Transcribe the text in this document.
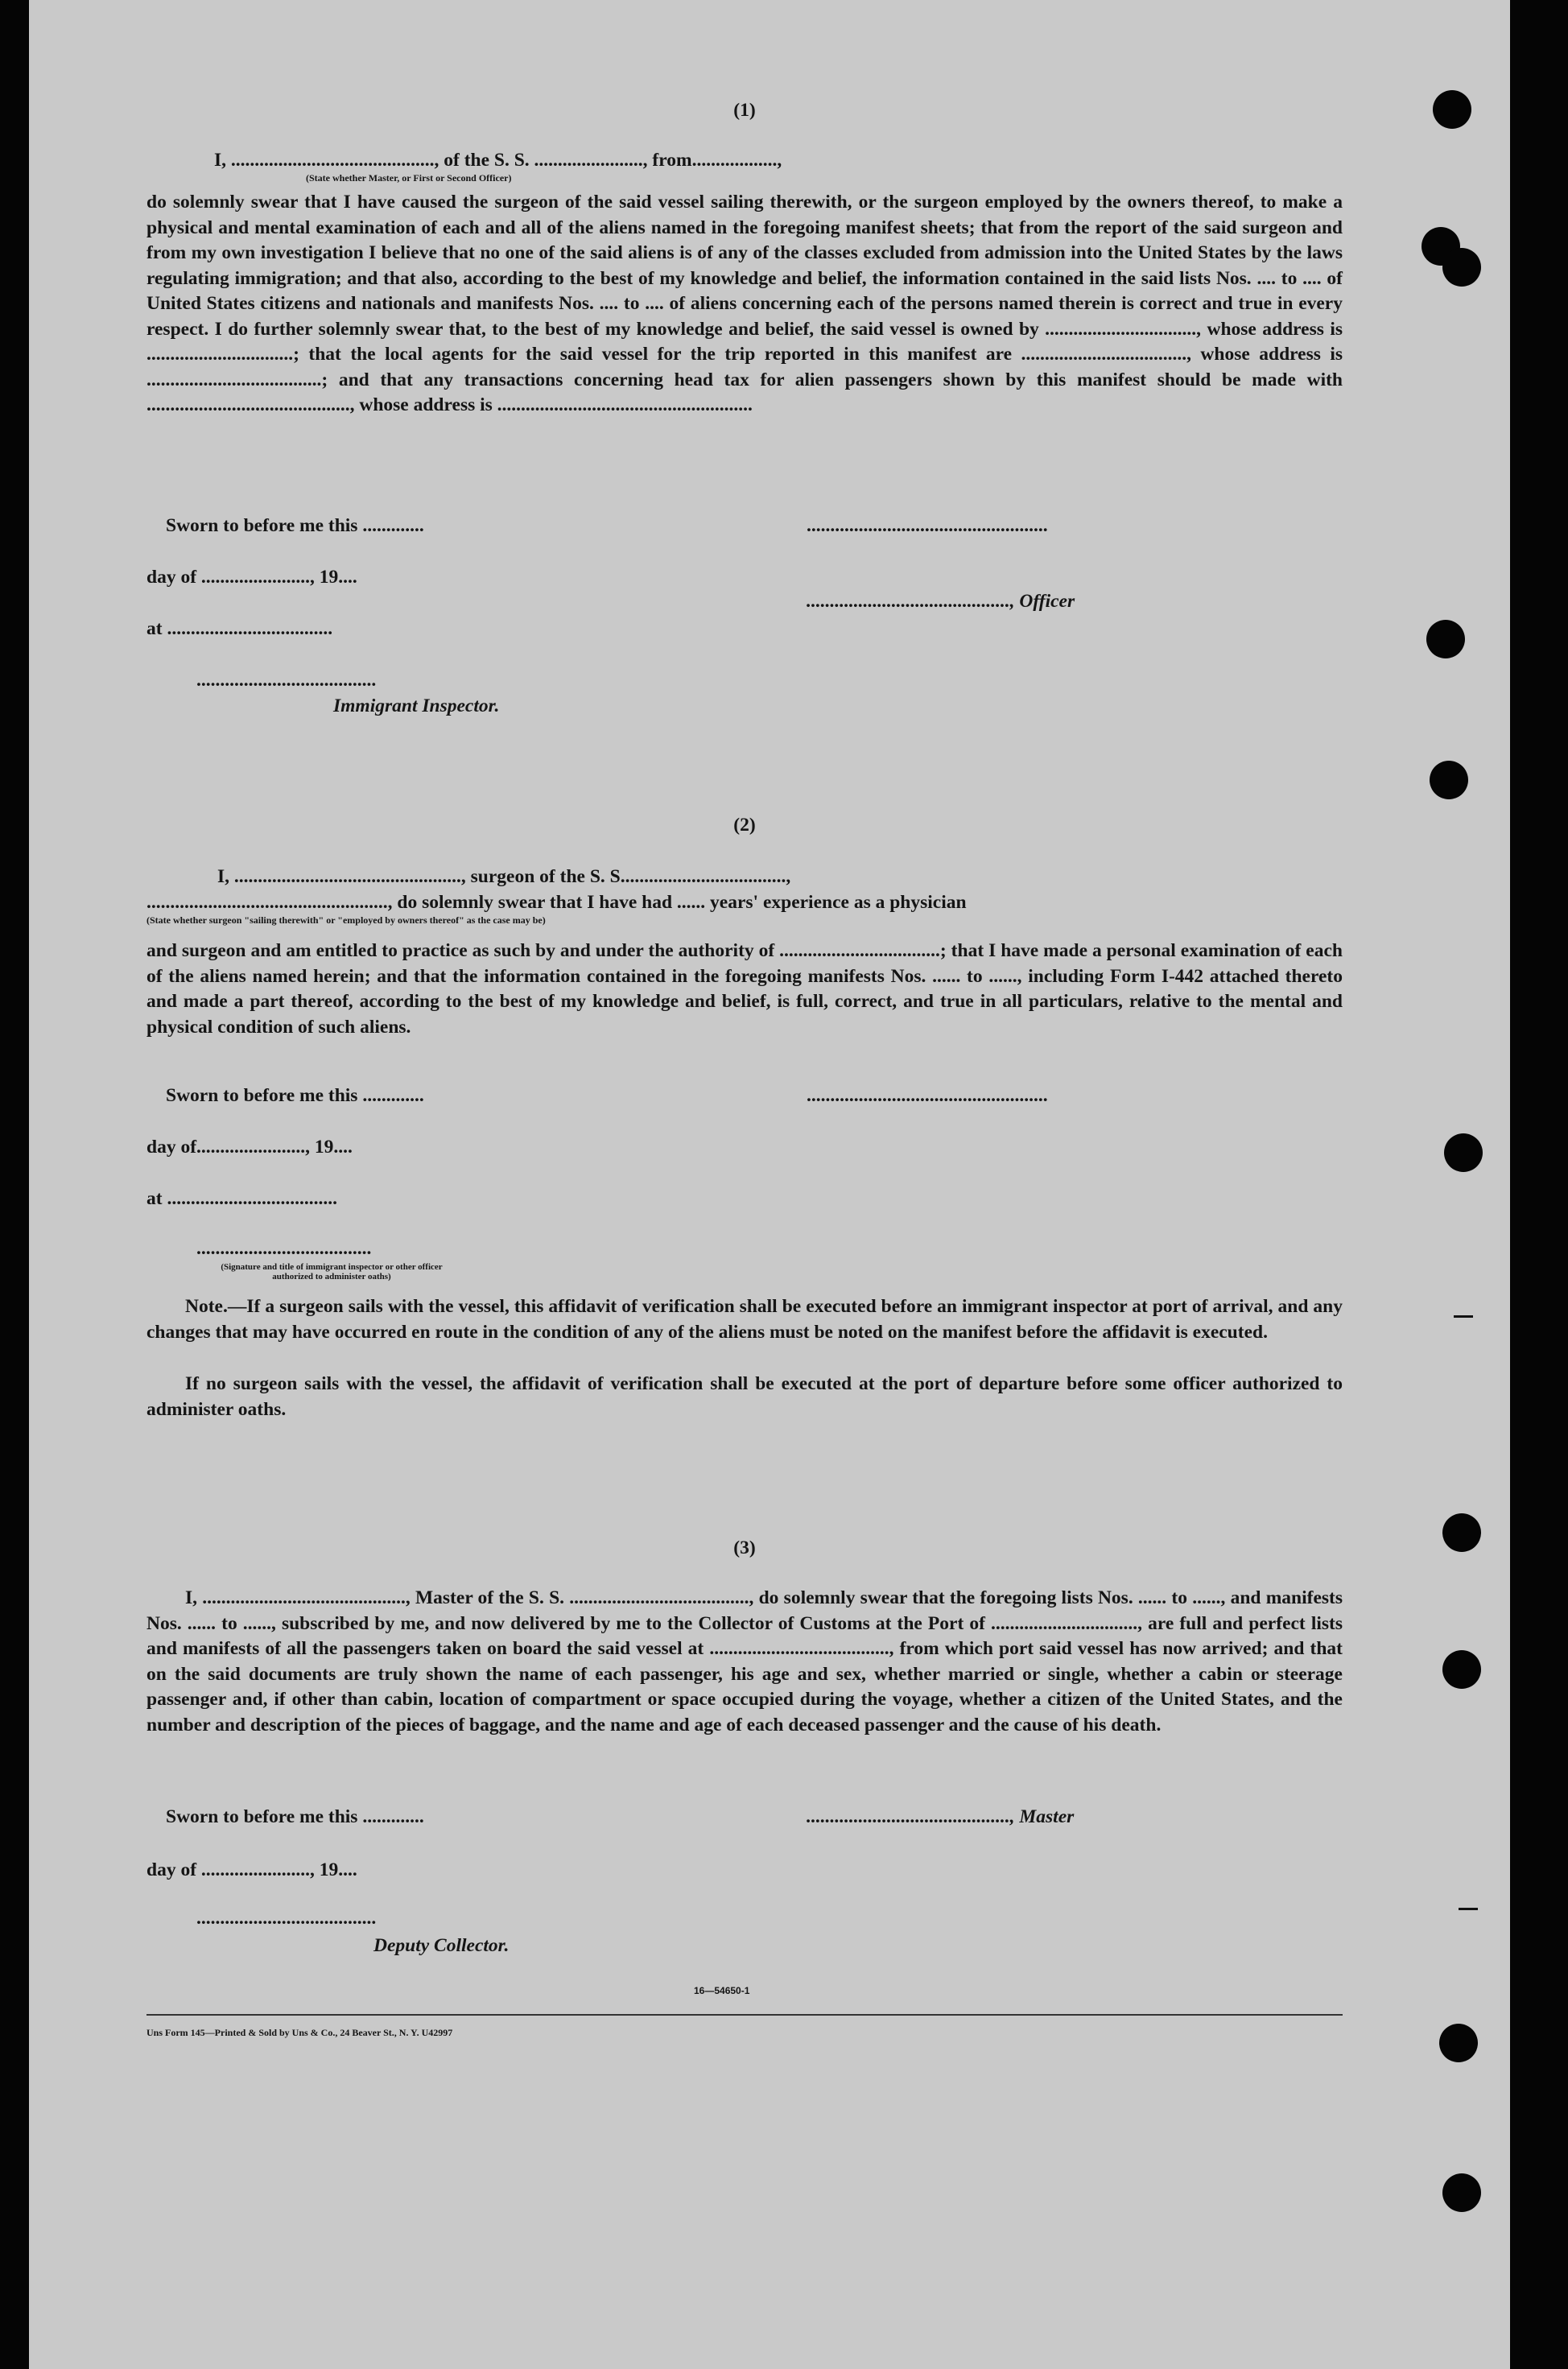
(1)
I, ..........................................., of the S. S. ......................., from..................,
(State whether Master, or First or Second Officer)

do solemnly swear that I have caused the surgeon of the said vessel sailing therewith, or the surgeon employed by the owners thereof, to make a physical and mental examination of each and all of the aliens named in the foregoing manifest sheets; that from the report of the said surgeon and from my own investigation I believe that no one of the said aliens is of any of the classes excluded from admission into the United States by the laws regulating immigration; and that also, according to the best of my knowledge and belief, the information contained in the said lists Nos. .... to .... of United States citizens and nationals and manifests Nos. .... to .... of aliens concerning each of the persons named therein is correct and true in every respect. I do further solemnly swear that, to the best of my knowledge and belief, the said vessel is owned by ................................, whose address is ...............................; that the local agents for the said vessel for the trip reported in this manifest are ..................................., whose address is .....................................; and that any transactions concerning head tax for alien passengers shown by this manifest should be made with ..........................................., whose address is ......................................................

Sworn to before me this .............	...................................................
day of ......................., 19....
..........................................., Officer
at ...................................
......................................
Immigrant Inspector.
(2)
I, ................................................, surgeon of the S. S...................................,
..................................................., do solemnly swear that I have had ...... years' experience as a physician
(State whether surgeon "sailing therewith" or "employed by owners thereof" as the case may be)

and surgeon and am entitled to practice as such by and under the authority of ..................................; that I have made a personal examination of each of the aliens named herein; and that the information contained in the foregoing manifests Nos. ...... to ......, including Form I-442 attached thereto and made a part thereof, according to the best of my knowledge and belief, is full, correct, and true in all particulars, relative to the mental and physical condition of such aliens.

Sworn to before me this .............	...................................................
day of......................., 19....
at ....................................
.....................................
(Signature and title of immigrant inspector or other officer authorized to administer oaths)

Note.—If a surgeon sails with the vessel, this affidavit of verification shall be executed before an immigrant inspector at port of arrival, and any changes that may have occurred en route in the condition of any of the aliens must be noted on the manifest before the affidavit is executed.

If no surgeon sails with the vessel, the affidavit of verification shall be executed at the port of departure before some officer authorized to administer oaths.

(3)

I, ..........................................., Master of the S. S. ......................................, do solemnly swear that the foregoing lists Nos. ...... to ......, and manifests Nos. ...... to ......, subscribed by me, and now delivered by me to the Collector of Customs at the Port of ..............................., are full and perfect lists and manifests of all the passengers taken on board the said vessel at ......................................, from which port said vessel has now arrived; and that on the said documents are truly shown the name of each passenger, his age and sex, whether married or single, whether a cabin or steerage passenger and, if other than cabin, location of compartment or space occupied during the voyage, whether a citizen of the United States, and the number and description of the pieces of baggage, and the name and age of each deceased passenger and the cause of his death.

Sworn to before me this .............	..........................................., Master
day of ......................., 19....
......................................
Deputy Collector.
16—54650-1
Uns Form 145—Printed & Sold by Uns & Co., 24 Beaver St., N. Y. U42997
